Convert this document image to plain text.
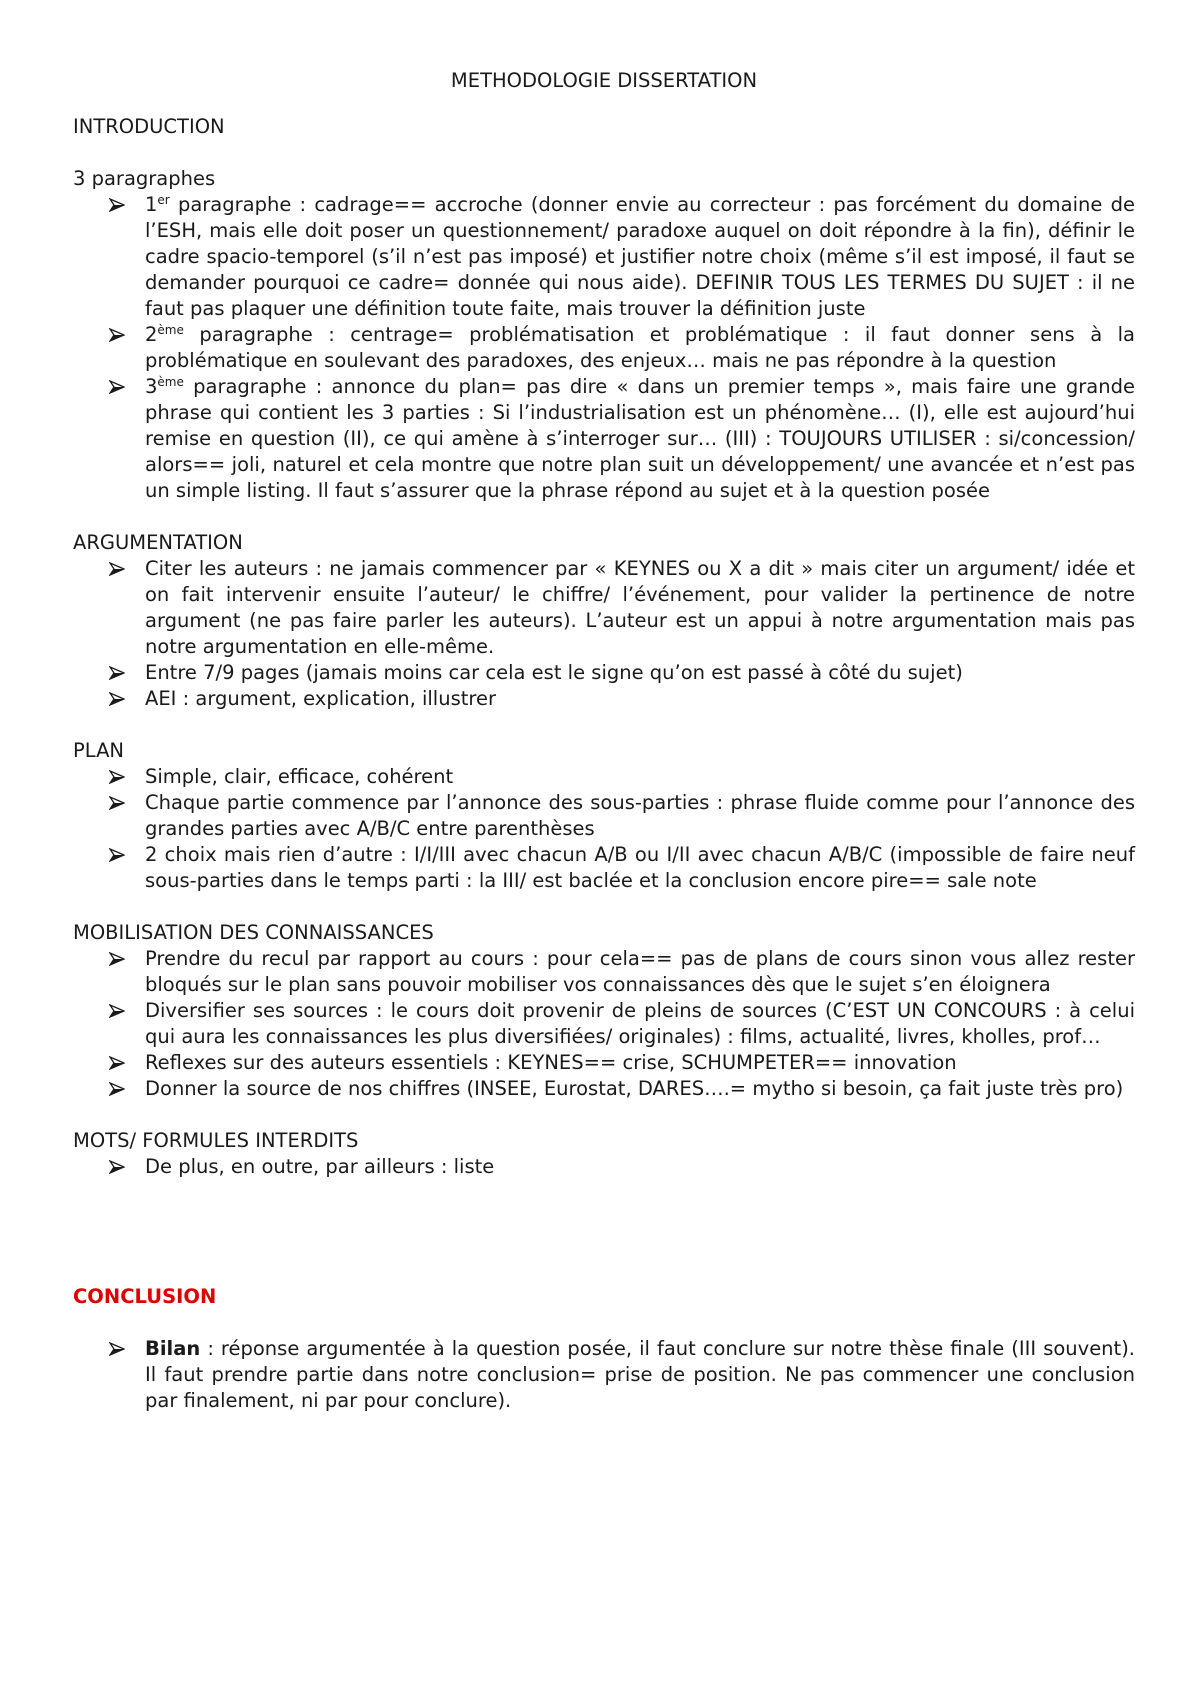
METHODOLOGIE DISSERTATION

INTRODUCTION

3 paragraphes

1er paragraphe : cadrage== accroche (donner envie au correcteur : pas forcément du domaine de l’ESH, mais elle doit poser un questionnement/ paradoxe auquel on doit répondre à la fin), définir le cadre spacio-temporel (s’il n’est pas imposé) et justifier notre choix (même s’il est imposé, il faut se demander pourquoi ce cadre= donnée qui nous aide). DEFINIR TOUS LES TERMES DU SUJET : il ne faut pas plaquer une définition toute faite, mais trouver la définition juste
2ème paragraphe : centrage= problématisation et problématique : il faut donner sens à la problématique en soulevant des paradoxes, des enjeux… mais ne pas répondre à la question
3ème paragraphe : annonce du plan= pas dire « dans un premier temps », mais faire une grande phrase qui contient les 3 parties : Si l’industrialisation est un phénomène… (I), elle est aujourd’hui remise en question (II), ce qui amène à s’interroger sur… (III) : TOUJOURS UTILISER : si/concession/ alors== joli, naturel et cela montre que notre plan suit un développement/ une avancée et n’est pas un simple listing. Il faut s’assurer que la phrase répond au sujet et à la question posée

ARGUMENTATION

Citer les auteurs : ne jamais commencer par « KEYNES ou X a dit » mais citer un argument/ idée et on fait intervenir ensuite l’auteur/ le chiffre/ l’événement, pour valider la pertinence de notre argument (ne pas faire parler les auteurs). L’auteur est un appui à notre argumentation mais pas notre argumentation en elle-même.
Entre 7/9 pages (jamais moins car cela est le signe qu’on est passé à côté du sujet)
AEI : argument, explication, illustrer

PLAN

Simple, clair, efficace, cohérent
Chaque partie commence par l’annonce des sous-parties : phrase fluide comme pour l’annonce des grandes parties avec A/B/C entre parenthèses
2 choix mais rien d’autre : I/I/III avec chacun A/B ou I/II avec chacun A/B/C (impossible de faire neuf sous-parties dans le temps parti : la III/ est baclée et la conclusion encore pire== sale note

MOBILISATION DES CONNAISSANCES

Prendre du recul par rapport au cours : pour cela== pas de plans de cours sinon vous allez rester bloqués sur le plan sans pouvoir mobiliser vos connaissances dès que le sujet s’en éloignera
Diversifier ses sources : le cours doit provenir de pleins de sources (C’EST UN CONCOURS : à celui qui aura les connaissances les plus diversifiées/ originales) : films, actualité, livres, kholles, prof…
Reflexes sur des auteurs essentiels : KEYNES== crise, SCHUMPETER== innovation
Donner la source de nos chiffres (INSEE, Eurostat, DARES….= mytho si besoin, ça fait juste très pro)

MOTS/ FORMULES INTERDITS

De plus, en outre, par ailleurs : liste

CONCLUSION

Bilan : réponse argumentée à la question posée, il faut conclure sur notre thèse finale (III souvent). Il faut prendre partie dans notre conclusion= prise de position. Ne pas commencer une conclusion par finalement, ni par pour conclure).
